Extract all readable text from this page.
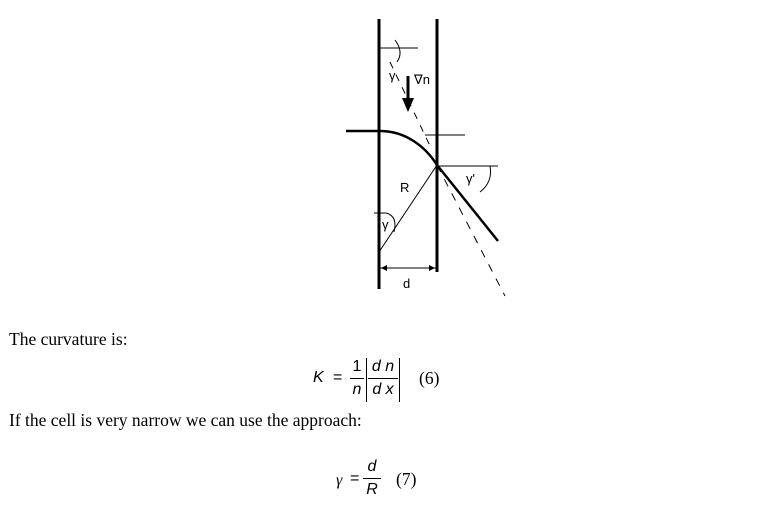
∇n
γ
γ'
R
γ
d
The curvature is:
K =
1
n
d n
d x
(6)
If the cell is very narrow we can use the approach:
γ =
d
R
(7)
